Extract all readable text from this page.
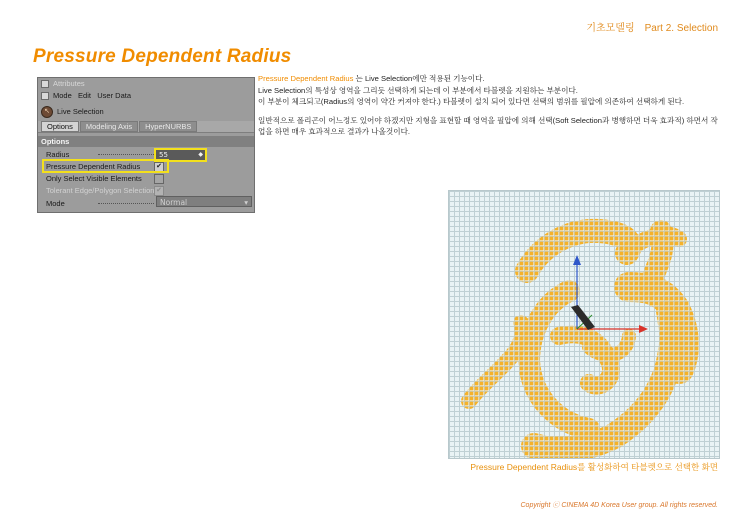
기초모델링 Part 2. Selection
Pressure Dependent Radius
Attributes
Mode Edit User Data
↖ Live Selection
Options Modeling Axis HyperNURBS
Options
Radius
Pressure Dependent Radius ✔
Only Select Visible Elements
Tolerant Edge/Polygon Selection ✔
Mode
55	◆
Normal	▾

Pressure Dependent Radius 는 Live Selection에만 적용된 기능이다.
Live Selection의 특성상 영역을 그리듯 선택하게 되는데 이 부분에서 타블렛을 지원하는 부분이다.
이 부분이 체크되고(Radius의 영역이 약간 커져야 한다.) 타블렛이 설치 되어 있다면 선택의 범위를 필압에 의존하여 선택하게 된다.

일반적으로 폴리곤이 어느정도 있어야 하겠지만 지형을 표현할 때 영역을 필압에 의해 선택(Soft Selection과 병행하면 더욱 효과적) 하면서 작업을 하면 매우 효과적으로 결과가 나올것이다.

Pressure Dependent Radius를 활성화하여 타블렛으로 선택한 화면
Copyright ⓒ CINEMA 4D Korea User group. All rights reserved.
